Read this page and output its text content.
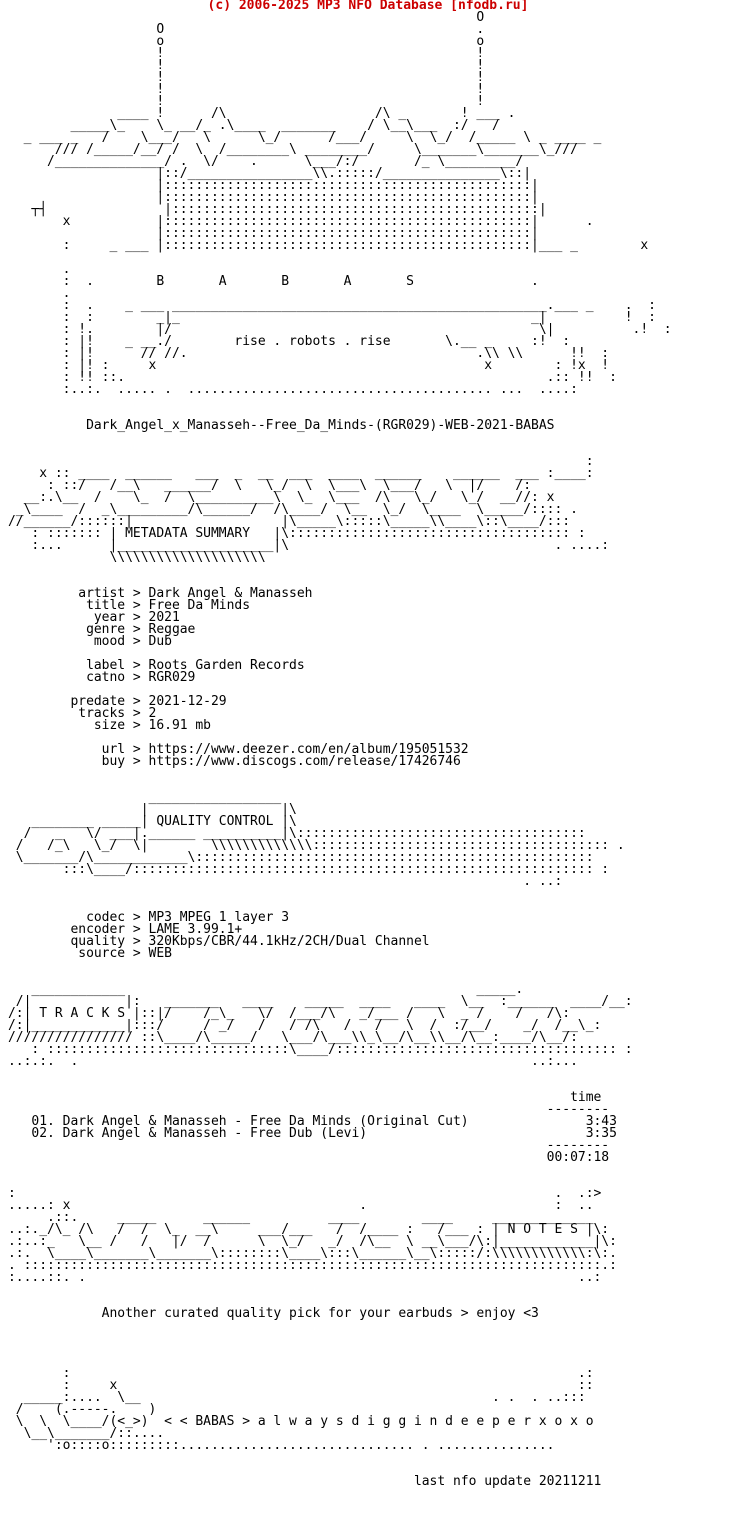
(c) 2006-2025 MP3 NFO Database [nfodb.ru]
O
O                                        .
o                                        o
!                                        !
!                                        !
!                                        !
!                                        !
!                                        !
____ !      /\                   /\ _       ! ___ .
_____\_    \_ __/_ .\____  _______    / \__\___  :/   /
_ ___ _   /    \___/   \      \_/      /___/     \  \_/  /_____ \ _ ____ _
/// /_____/__/ /  \  /________\ ________/     \_______\_______\_///
/______________/ .  \/    .      \___/:/       /_ \_________/
|::/________________\\.:::::/_______________\::|
|:::::::::::::::::::::::::::::::::::::::::::::::|
|:::::::::::::::::::::::::::::::::::::::::::::::|
┬┤               |:::::::::::::::::::::::::::::::::::::::::::::::|
x           |:::::::::::::::::::::::::::::::::::::::::::::::|      .
|:::::::::::::::::::::::::::::::::::::::::::::::|
:     _ ___ |:::::::::::::::::::::::::::::::::::::::::::::::|___ _        x

.
:  .        B       A       B       A       S               .
.
:  .    _ ___ ________________________________________________.___ _    .  :
:  :        _|_                                             _|          !  :
: !.        |/                                               \|          .!  :
: |!    _ __./        rise . robots . rise       \.__ _     :!  :
: |!      // //.                                     .\\ \\      !!  :
: |! :     x                                          x        : !x  !
: !! ::.                                                      .:: !!  :
:..:.  ..... .  ....................................... ...  ....:

Dark_Angel_x_Manasseh--Free_Da_Minds-(RGR029)-WEB-2021-BABAS

:
x :: ____  ______   ___  _  __  ___  ____  ______    ______  ___ :____:
: ::/   /__\   ______/  \   \_/  \  \___\  \___/   \  |/    /:
__:.\__  /    \_  /  \__________\  \_  \___  /\   \_/   \_/  __//: x
_\____  /  _\_________/\______/  /\____/  \__  \_/  \____  \_____/:::: .
//______/::::::|                   |\_____\:::::\_____\\____\::\____/:::
: ::::::: | METADATA SUMMARY   |\:::::::::::::::::::::::::::::::::::: :
:...      |____________________|\                                  . ....:
\\\\\\\\\\\\\\\\\\\\

artist > Dark Angel & Manasseh
title > Free Da Minds
year > 2021
genre > Reggae
mood > Dub

label > Roots Garden Records
catno > RGR029

predate > 2021-12-29
tracks > 2
size > 16.91 mb

url > https://www.deezer.com/en/album/195051532
buy > https://www.discogs.com/release/17426746

_________________
|                 |\
________ _____| QUALITY CONTROL |\
/   _   \/ ___|.______ __________|\:::::::::::::::::::::::::::::::::::::
/   /_\   \_/  \|        \\\\\\\\\\\\\:::::::::::::::::::::::::::::::::::::: .
\_______/\____________\:::::::::::::::::::::::::::::::::::::::::::::::::::
:::\____/::::::::::::::::::::::::::::::::::::::::::::::::::::::::::: :
. ..:

codec > MP3 MPEG 1 layer 3
encoder > LAME 3.99.1+
quality > 320Kbps/CBR/44.1kHz/2CH/Dual Channel
source > WEB

____________                                             _____.
/|            |:   _______   ____    _____  ____   ____  \__  :______  ____/__:
/:| T R A C K S |::|/    /_\_   \/  /___/\   _/___ /   \  _ /    /   /\:
/:|____________|:::/     / _/   /   / /\   /   /   \  /  :/__/    _/  /__\_:
//////////////// ::\____/\_____/   \___/\___\\_\__/\__\\__/\__:____/\__/:
: :::::::::::::::::::::::::::::::\____/:::::::::::::::::::::::::::::::::::: :
..:.:.  .                                                          ..:...

time
--------
01. Dark Angel & Manasseh - Free Da Minds (Original Cut)               3:43
02. Dark Angel & Manasseh - Free Dub (Levi)                            3:35
--------
00:07:18

:                                                                     .  .:>
.....: x                                     .                        :  ..
.::.     _____      ______          ____        ____     _____________
..:._/\_ /\   /  /  \_  __\     ___/___   /  /____ :   /___ : | N O T E S |\:
.:..:_   \__ /   /   |/  /      \  \_/   _/  /\__  \ __\___/\:|____________|\:
.:.  \____\_______\_______\::::::::\____\:::\______\__\:::::/:\\\\\\\\\\\\:\:.
. ::::::::::::::::::::::::::::::::::::::::::::::::::::::::::::::::::::::::::.:
:....::. .                                                               ..:

Another curated quality pick for your earbuds > enjoy <3

:                                                                 .:
:     x                                                           ::
_____:....  \__                                             . .  . ..:::
/    (.-----.    )
\  \  \____/(<_>)  < < BABAS > a l w a y s d i g g i n d e e p e r x o x o
\__\_______/::....
':o::::o:::::::::.............................. . ...............

last nfo update 20211211
